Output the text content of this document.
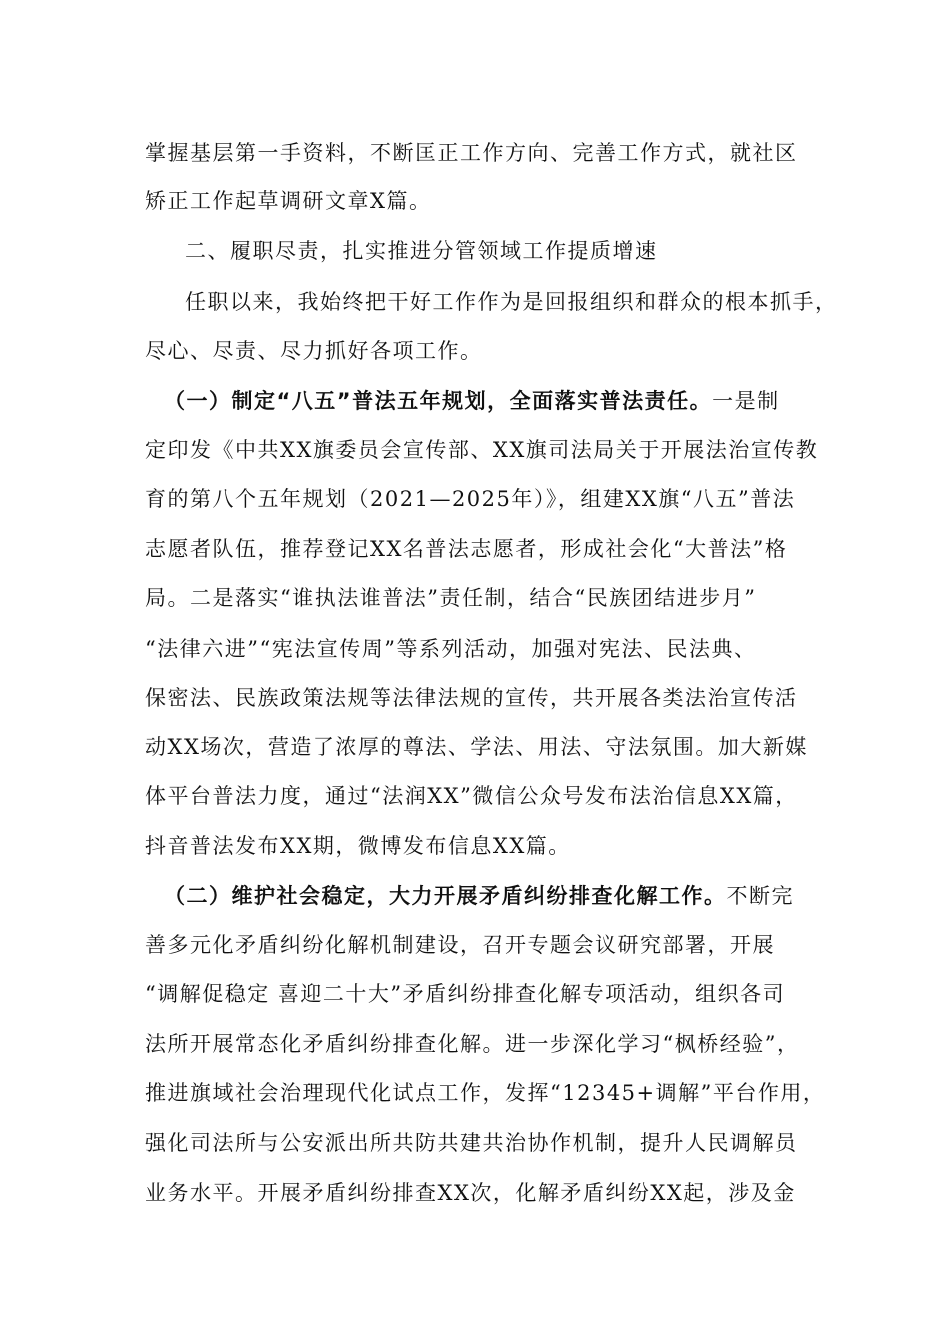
掌握基层第一手资料，不断匡正工作方向、完善工作方式，就社区
矫正工作起草调研文章X篇。
二、履职尽责，扎实推进分管领域工作提质增速
任职以来，我始终把干好工作作为是回报组织和群众的根本抓手，
尽心、尽责、尽力抓好各项工作。
（一）制定“八五”普法五年规划，全面落实普法责任。一是制
定印发《中共XX旗委员会宣传部、XX旗司法局关于开展法治宣传教
育的第八个五年规划（2021—2025年）》，组建XX旗“八五”普法
志愿者队伍，推荐登记XX名普法志愿者，形成社会化“大普法”格
局。二是落实“谁执法谁普法”责任制，结合“民族团结进步月”
“法律六进”“宪法宣传周”等系列活动，加强对宪法、民法典、
保密法、民族政策法规等法律法规的宣传，共开展各类法治宣传活
动XX场次，营造了浓厚的尊法、学法、用法、守法氛围。加大新媒
体平台普法力度，通过“法润XX”微信公众号发布法治信息XX篇，
抖音普法发布XX期，微博发布信息XX篇。
（二）维护社会稳定，大力开展矛盾纠纷排查化解工作。不断完
善多元化矛盾纠纷化解机制建设，召开专题会议研究部署，开展
“调解促稳定 喜迎二十大”矛盾纠纷排查化解专项活动，组织各司
法所开展常态化矛盾纠纷排查化解。进一步深化学习“枫桥经验”，
推进旗域社会治理现代化试点工作，发挥“12345+调解”平台作用，
强化司法所与公安派出所共防共建共治协作机制，提升人民调解员
业务水平。开展矛盾纠纷排查XX次，化解矛盾纠纷XX起，涉及金
